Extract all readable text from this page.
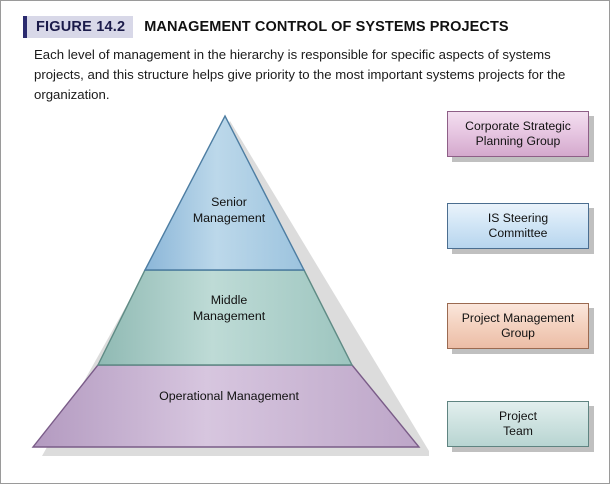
FIGURE 14.2	MANAGEMENT CONTROL OF SYSTEMS PROJECTS
Each level of management in the hierarchy is responsible for specific aspects of systems projects, and this structure helps give priority to the most important systems projects for the organization.
Senior
Management
Middle
Management
Operational Management
Corporate Strategic
Planning Group
IS Steering
Committee
Project Management
Group
Project
Team
